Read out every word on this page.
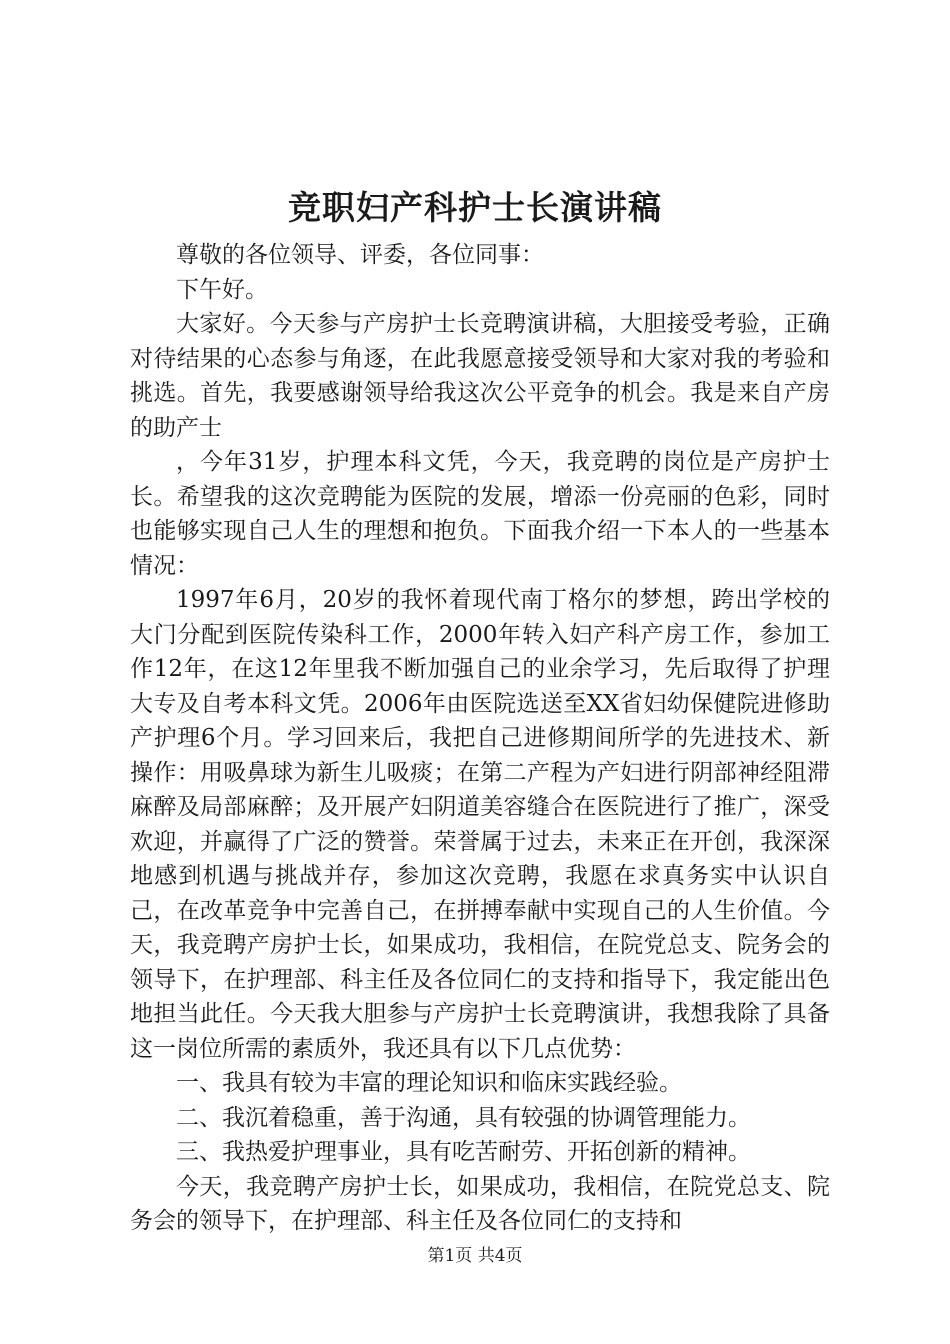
竞职妇产科护士长演讲稿

尊敬的各位领导、评委，各位同事：

下午好。

大家好。今天参与产房护士长竞聘演讲稿，大胆接受考验，正确对待结果的心态参与角逐，在此我愿意接受领导和大家对我的考验和挑选。首先，我要感谢领导给我这次公平竞争的机会。我是来自产房的助产士

，今年31岁，护理本科文凭，今天，我竞聘的岗位是产房护士长。希望我的这次竞聘能为医院的发展，增添一份亮丽的色彩，同时也能够实现自己人生的理想和抱负。下面我介绍一下本人的一些基本情况：

1997年6月，20岁的我怀着现代南丁格尔的梦想，跨出学校的大门分配到医院传染科工作，2000年转入妇产科产房工作，参加工作12年，在这12年里我不断加强自己的业余学习，先后取得了护理大专及自考本科文凭。2006年由医院选送至XX省妇幼保健院进修助产护理6个月。学习回来后，我把自己进修期间所学的先进技术、新操作：用吸鼻球为新生儿吸痰；在第二产程为产妇进行阴部神经阻滞麻醉及局部麻醉；及开展产妇阴道美容缝合在医院进行了推广，深受欢迎，并赢得了广泛的赞誉。荣誉属于过去，未来正在开创，我深深地感到机遇与挑战并存，参加这次竞聘，我愿在求真务实中认识自己，在改革竞争中完善自己，在拼搏奉献中实现自己的人生价值。今天，我竞聘产房护士长，如果成功，我相信，在院党总支、院务会的领导下，在护理部、科主任及各位同仁的支持和指导下，我定能出色地担当此任。今天我大胆参与产房护士长竞聘演讲，我想我除了具备这一岗位所需的素质外，我还具有以下几点优势：

一、我具有较为丰富的理论知识和临床实践经验。

二、我沉着稳重，善于沟通，具有较强的协调管理能力。

三、我热爱护理事业，具有吃苦耐劳、开拓创新的精神。

今天，我竞聘产房护士长，如果成功，我相信，在院党总支、院务会的领导下，在护理部、科主任及各位同仁的支持和

第1页 共4页
